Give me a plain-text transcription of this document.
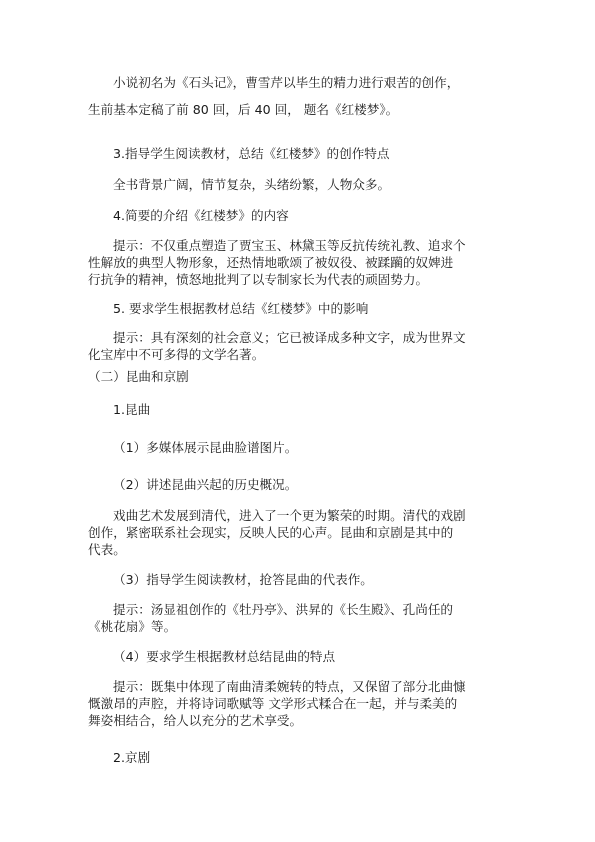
小说初名为《石头记》，曹雪芹以毕生的精力进行艰苦的创作，

生前基本定稿了前 80 回，后 40 回， 题名《红楼梦》。

3.指导学生阅读教材，总结《红楼梦》的创作特点

全书背景广阔，情节复杂，头绪纷繁，人物众多。

4.简要的介绍《红楼梦》的内容

提示：不仅重点塑造了贾宝玉、林黛玉等反抗传统礼教、追求个

性解放的典型人物形象，还热情地歌颂了被奴役、被蹂躏的奴婢进

行抗争的精神，愤怒地批判了以专制家长为代表的顽固势力。

5. 要求学生根据教材总结《红楼梦》中的影响

提示：具有深刻的社会意义；它已被译成多种文字，成为世界文

化宝库中不可多得的文学名著。

（二）昆曲和京剧

1.昆曲

（1）多媒体展示昆曲脸谱图片。

（2）讲述昆曲兴起的历史概况。

戏曲艺术发展到清代，进入了一个更为繁荣的时期。清代的戏剧

创作，紧密联系社会现实，反映人民的心声。昆曲和京剧是其中的

代表。

（3）指导学生阅读教材，抢答昆曲的代表作。

提示：汤显祖创作的《牡丹亭》、洪昇的《长生殿》、孔尚任的

《桃花扇》等。

（4）要求学生根据教材总结昆曲的特点

提示：既集中体现了南曲清柔婉转的特点，又保留了部分北曲慷

慨激昂的声腔，并将诗词歌赋等 文学形式糅合在一起，并与柔美的

舞姿相结合，给人以充分的艺术享受。

2.京剧
